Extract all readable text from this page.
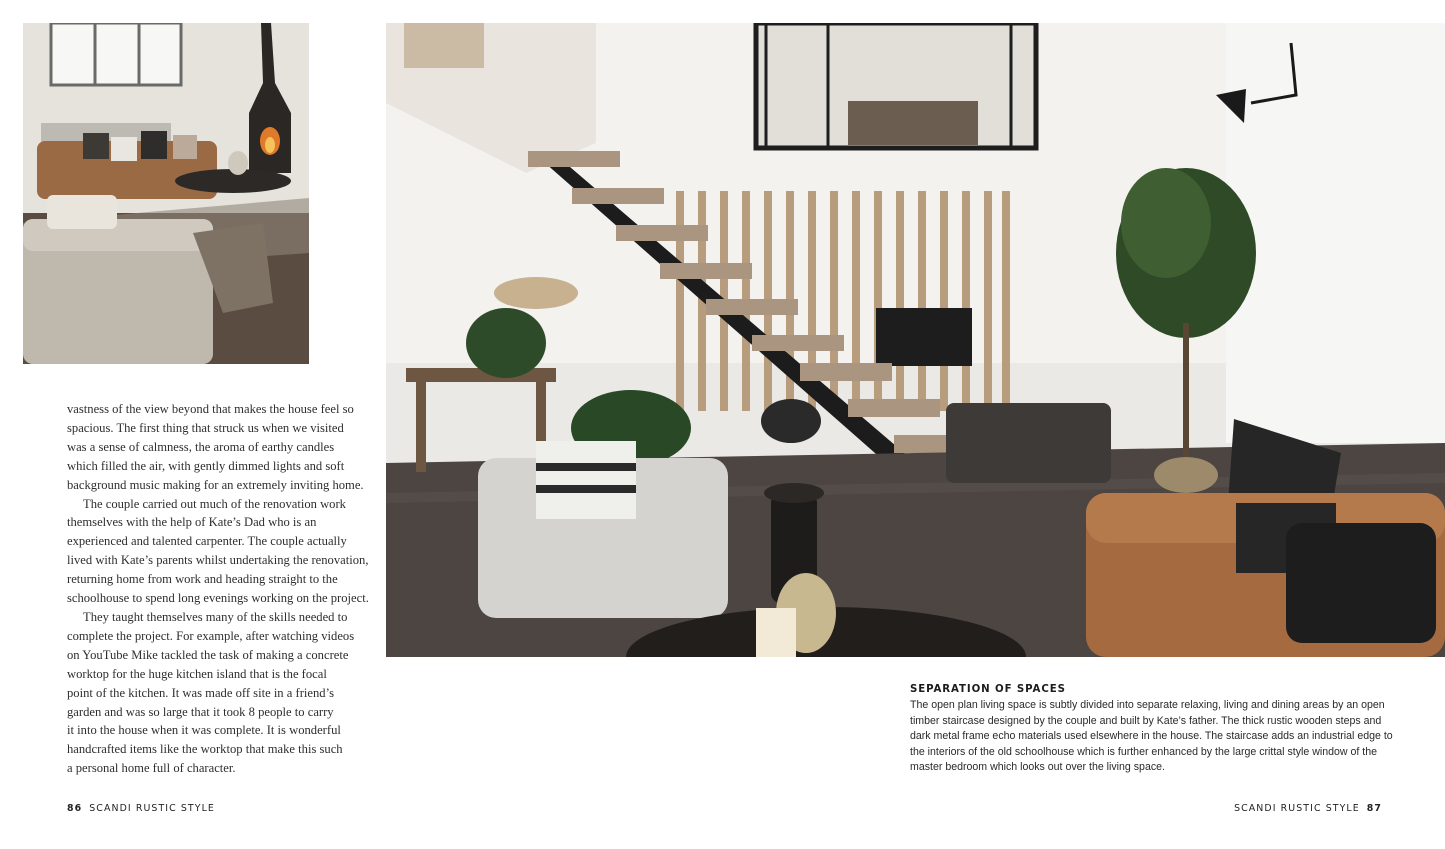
vastness of the view beyond that makes the house feel so
spacious. The first thing that struck us when we visited
was a sense of calmness, the aroma of earthy candles
which filled the air, with gently dimmed lights and soft
background music making for an extremely inviting home.

The couple carried out much of the renovation work
themselves with the help of Kate’s Dad who is an
experienced and talented carpenter. The couple actually
lived with Kate’s parents whilst undertaking the renovation,
returning home from work and heading straight to the
schoolhouse to spend long evenings working on the project.

They taught themselves many of the skills needed to
complete the project. For example, after watching videos
on YouTube Mike tackled the task of making a concrete
worktop for the huge kitchen island that is the focal
point of the kitchen. It was made off site in a friend’s
garden and was so large that it took 8 people to carry
it into the house when it was complete. It is wonderful
handcrafted items like the worktop that make this such
a personal home full of character.

SEPARATION OF SPACES
The open plan living space is subtly divided into separate relaxing, living and dining areas by an open
timber staircase designed by the couple and built by Kate’s father. The thick rustic wooden steps and
dark metal frame echo materials used elsewhere in the house. The staircase adds an industrial edge to
the interiors of the old schoolhouse which is further enhanced by the large crittal style window of the
master bedroom which looks out over the living space.
86 SCANDI RUSTIC STYLE	SCANDI RUSTIC STYLE 87
